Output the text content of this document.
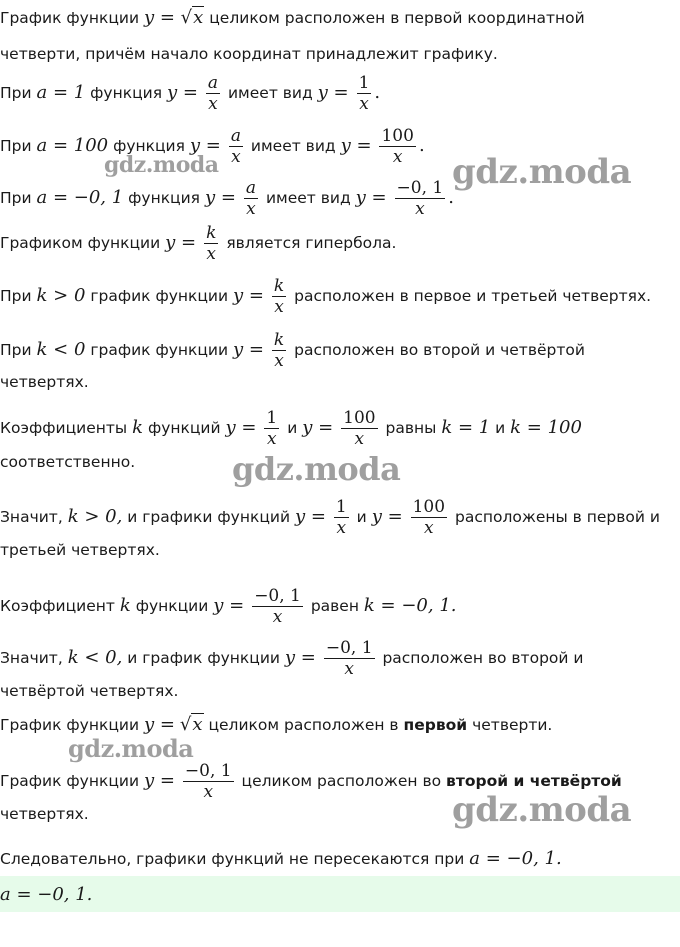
График функции y = √x целиком расположен в первой координатной
четверти, причём начало координат принадлежит графику.
При a = 1 функция $y = \frac{a}{x}$ имеет вид $y = \frac{1}{x}$ .
При a = 100 функция $y = \frac{a}{x}$ имеет вид $y = \frac{100}{x}$ .
При a = −0, 1 функция $y = \frac{a}{x}$ имеет вид $y = \frac{-0, 1}{x}$ .
Графиком функции $y = \frac{k}{x}$ является гипербола.
При k > 0 график функции $y = \frac{k}{x}$ расположен в первое и третьей четвертях.
При k < 0 график функции $y = \frac{k}{x}$ расположен во второй и четвёртой
четвертях.
Коэффициенты k функций $y = \frac{1}{x}$ и $y = \frac{100}{x}$ равны k = 1 и k = 100
соответственно.
Значит, k > 0, и графики функций $y = \frac{1}{x}$ и $y = \frac{100}{x}$ расположены в первой и
третьей четвертях.
Коэффициент k функции $y = \frac{-0, 1}{x}$ равен k = −0, 1.
Значит, k < 0, и график функции $y = \frac{-0, 1}{x}$ расположен во второй и
четвёртой четвертях.
График функции y = √x целиком расположен в первой четверти.
График функции $y = \frac{-0, 1}{x}$ целиком расположен во второй и четвёртой
четвертях.
Следовательно, графики функций не пересекаются при a = −0, 1.
a = −0, 1.
gdz.moda	gdz.moda
gdz.moda
gdz.moda
gdz.moda
